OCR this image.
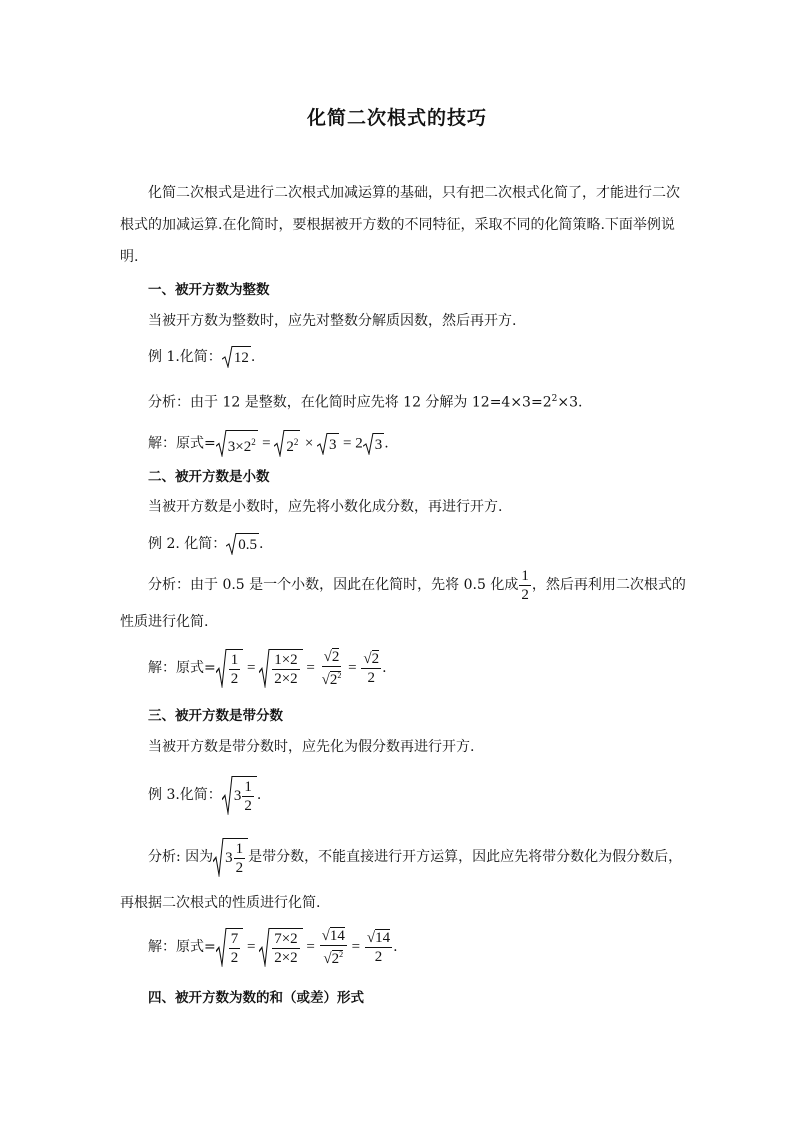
化简二次根式的技巧
化简二次根式是进行二次根式加减运算的基础，只有把二次根式化简了，才能进行二次
根式的加减运算.在化简时，要根据被开方数的不同特征，采取不同的化简策略.下面举例说
明.
一、被开方数为整数
当被开方数为整数时，应先对整数分解质因数，然后再开方.
例 1.化简： 12 .
分析：由于 12 是整数，在化简时应先将 12 分解为 $12=4\times 3=2^2\times 3$.
解：原式= $3\times 2^2$ =
$2^2$ ×
3 = 2 3 .
二、被开方数是小数
当被开方数是小数时，应先将小数化成分数，再进行开方.
例 2. 化简： 0.5 .
分析：由于 0.5 是一个小数，因此在化简时，先将 0.5 化成 $\frac{1}{2}$ ，然后再利用二次根式的
性质进行化简.
解：原式= $\frac{1}{2} = \frac{1\times 2}{2\times 2} = \frac{√2}{√2^2} = \frac{√2}{2}$ .
三、被开方数是带分数
当被开方数是带分数时，应先化为假分数再进行开方.
例 3.化简： $3 \frac{1}{2}$ .
分析: 因为 $3 \frac{1}{2}$ 是带分数，不能直接进行开方运算，因此应先将带分数化为假分数后，
再根据二次根式的性质进行化简.
解：原式= $\frac{7}{2} = \frac{7\times 2}{2\times 2} = \frac{√14}{√2^2} = \frac{√14}{2}$ .
四、被开方数为数的和（或差）形式
